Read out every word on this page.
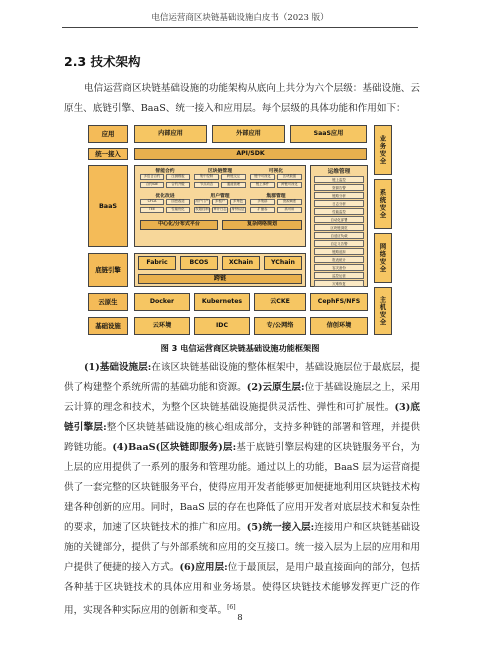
电信运营商区块链基础设施白皮书（2023 版）
2.3 技术架构
电信运营商区块链基础设施的功能架构从底向上共分为六个层级：基础设施、云原生、底链引擎、BaaS、统一接入和应用层。每个层级的具体功能和作用如下：
应用	内部应用	外部应用	SaaS应用
统一接入	API/SDK
BaaS
智能合约
多语言合约	压测模板
合约IDE	合约升级
区块链管理
集中控制	跨链交互
节点动态	通道管理
可视化
链中可视化	区块数据
链上事件	跨链可视化
优化改进
CFCA	国密改造
TEE	性能优化
用户管理
用户门户	多租户	多角色
权限控制	审计日志	身份认证
集群管理
多集群	资源调度
扩缩容	高可用
中心化/分布式平台	复杂网络规划
运维管理
链上监控
资源告警
链路分析
日志分析
性能监控
自动化部署
区块链浏览
自适应负载
自定义告警
链路追踪
报表统计
容灾备份
监控运营
灾难恢复
底链引擎
Fabric	BCOS	XChain	YChain
跨链
云原生	Docker	Kubernetes	云CKE	CephFS/NFS
基础设施	云环境	IDC	专/公网络	信创环境
业务安全
系统安全
网络安全
主机安全
图 3 电信运营商区块链基础设施功能框架图
(1)基础设施层:在该区块链基础设施的整体框架中，基础设施层位于最底层，提供了构建整个系统所需的基础功能和资源。(2)云原生层:位于基础设施层之上，采用云计算的理念和技术，为整个区块链基础设施提供灵活性、弹性和可扩展性。(3)底链引擎层:整个区块链基础设施的核心组成部分，支持多种链的部署和管理，并提供跨链功能。(4)BaaS(区块链即服务)层:基于底链引擎层构建的区块链服务平台，为上层的应用提供了一系列的服务和管理功能。通过以上的功能，BaaS 层为运营商提供了一套完整的区块链服务平台，使得应用开发者能够更加便捷地利用区块链技术构建各种创新的应用。同时，BaaS 层的存在也降低了应用开发者对底层技术和复杂性的要求，加速了区块链技术的推广和应用。(5)统一接入层:连接用户和区块链基础设施的关键部分，提供了与外部系统和应用的交互接口。统一接入层为上层的应用和用户提供了便捷的接入方式。(6)应用层:位于最顶层，是用户最直接面向的部分，包括各种基于区块链技术的具体应用和业务场景。使得区块链技术能够发挥更广泛的作用，实现各种实际应用的创新和变革。[6]
8
